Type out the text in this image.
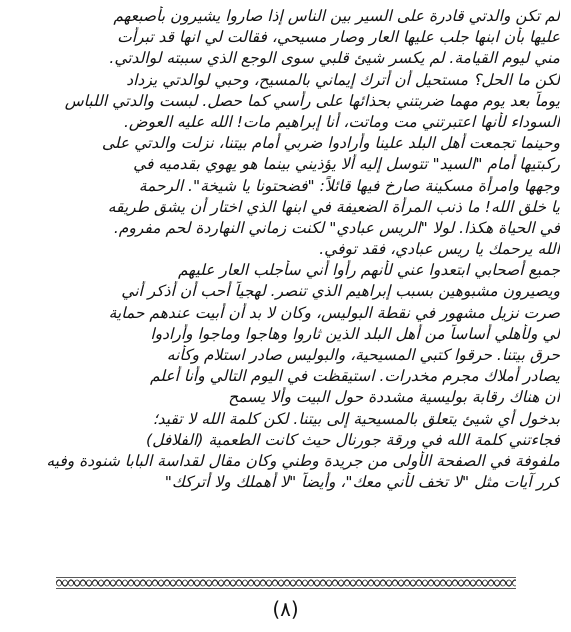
لم تكن والدتي قادرة على السير بين الناس إذا صاروا يشيرون بأصبعهم
عليها بأن ابنها جلب عليها العار وصار مسيحي، فقالت لي انها قد تبرأت
مني ليوم القيامة. لم يكسر شيئ قلبي سوى الوجع الذي سببته لوالدتي.
لكن ما الحل؟ مستحيل أن أترك إيماني بالمسيح، وحبي لوالدتي يزداد
يوماً بعد يوم مهما ضربتني بحذائها على رأسي كما حصل. لبست والدتي اللباس
السوداء لأنها اعتبرتني مت وماتت، أنا إبراهيم مات! الله عليه العوض.
وحينما تجمعت أهل البلد علينا وأرادوا ضربي أمام بيتنا، نزلت والدتي على
ركبتيها أمام "السيد" تتوسل إليه ألا يؤذيني بينما هو يهوي بقدميه في
وجهها وامرأة مسكينة صارخ فيها قائلاً: "فضحتونا يا شيخة". الرحمة
يا خلق الله! ما ذنب المرأة الضعيفة في ابنها الذي اختار أن يشق طريقه
في الحياة هكذا. لولا "الريس عبادي" لكنت زماني النهاردة لحم مفروم.
الله يرحمك يا ريس عبادي، فقد توفي.
جميع أصحابي ابتعدوا عني لأنهم رأوا أني سأجلب العار عليهم
ويصيرون مشبوهين بسبب إبراهيم الذي تنصر. لهجياً أحب أن أذكر أني
صرت نزيل مشهور في نقطة البوليس، وكان لا بد أن أبيت عندهم حماية
لي ولأهلي أساساً من أهل البلد الذين ثاروا وهاجوا وماجوا وأرادوا
حرق بيتنا. حرقوا كتبي المسيحية، والبوليس صادر استلام وكأنه
يصادر أملاك مجرم مخدرات. استيقظت في اليوم التالي وأنا أعلم
أن هناك رقابة بوليسية مشددة حول البيت وألا يسمح
بدخول أي شيئ يتعلق بالمسيحية إلى بيتنا. لكن كلمة الله لا تقيد؛
فجاءتني كلمة الله في ورقة جورنال حيث كانت الطعمية (الفلافل)
ملفوفة في الصفحة الأولى من جريدة وطني وكان مقال لقداسة البابا شنودة وفيه
كرر آيات مثل "لا تخف لأني معك"، وأيضاً "لا أهملك ولا أتركك"
(٨)
